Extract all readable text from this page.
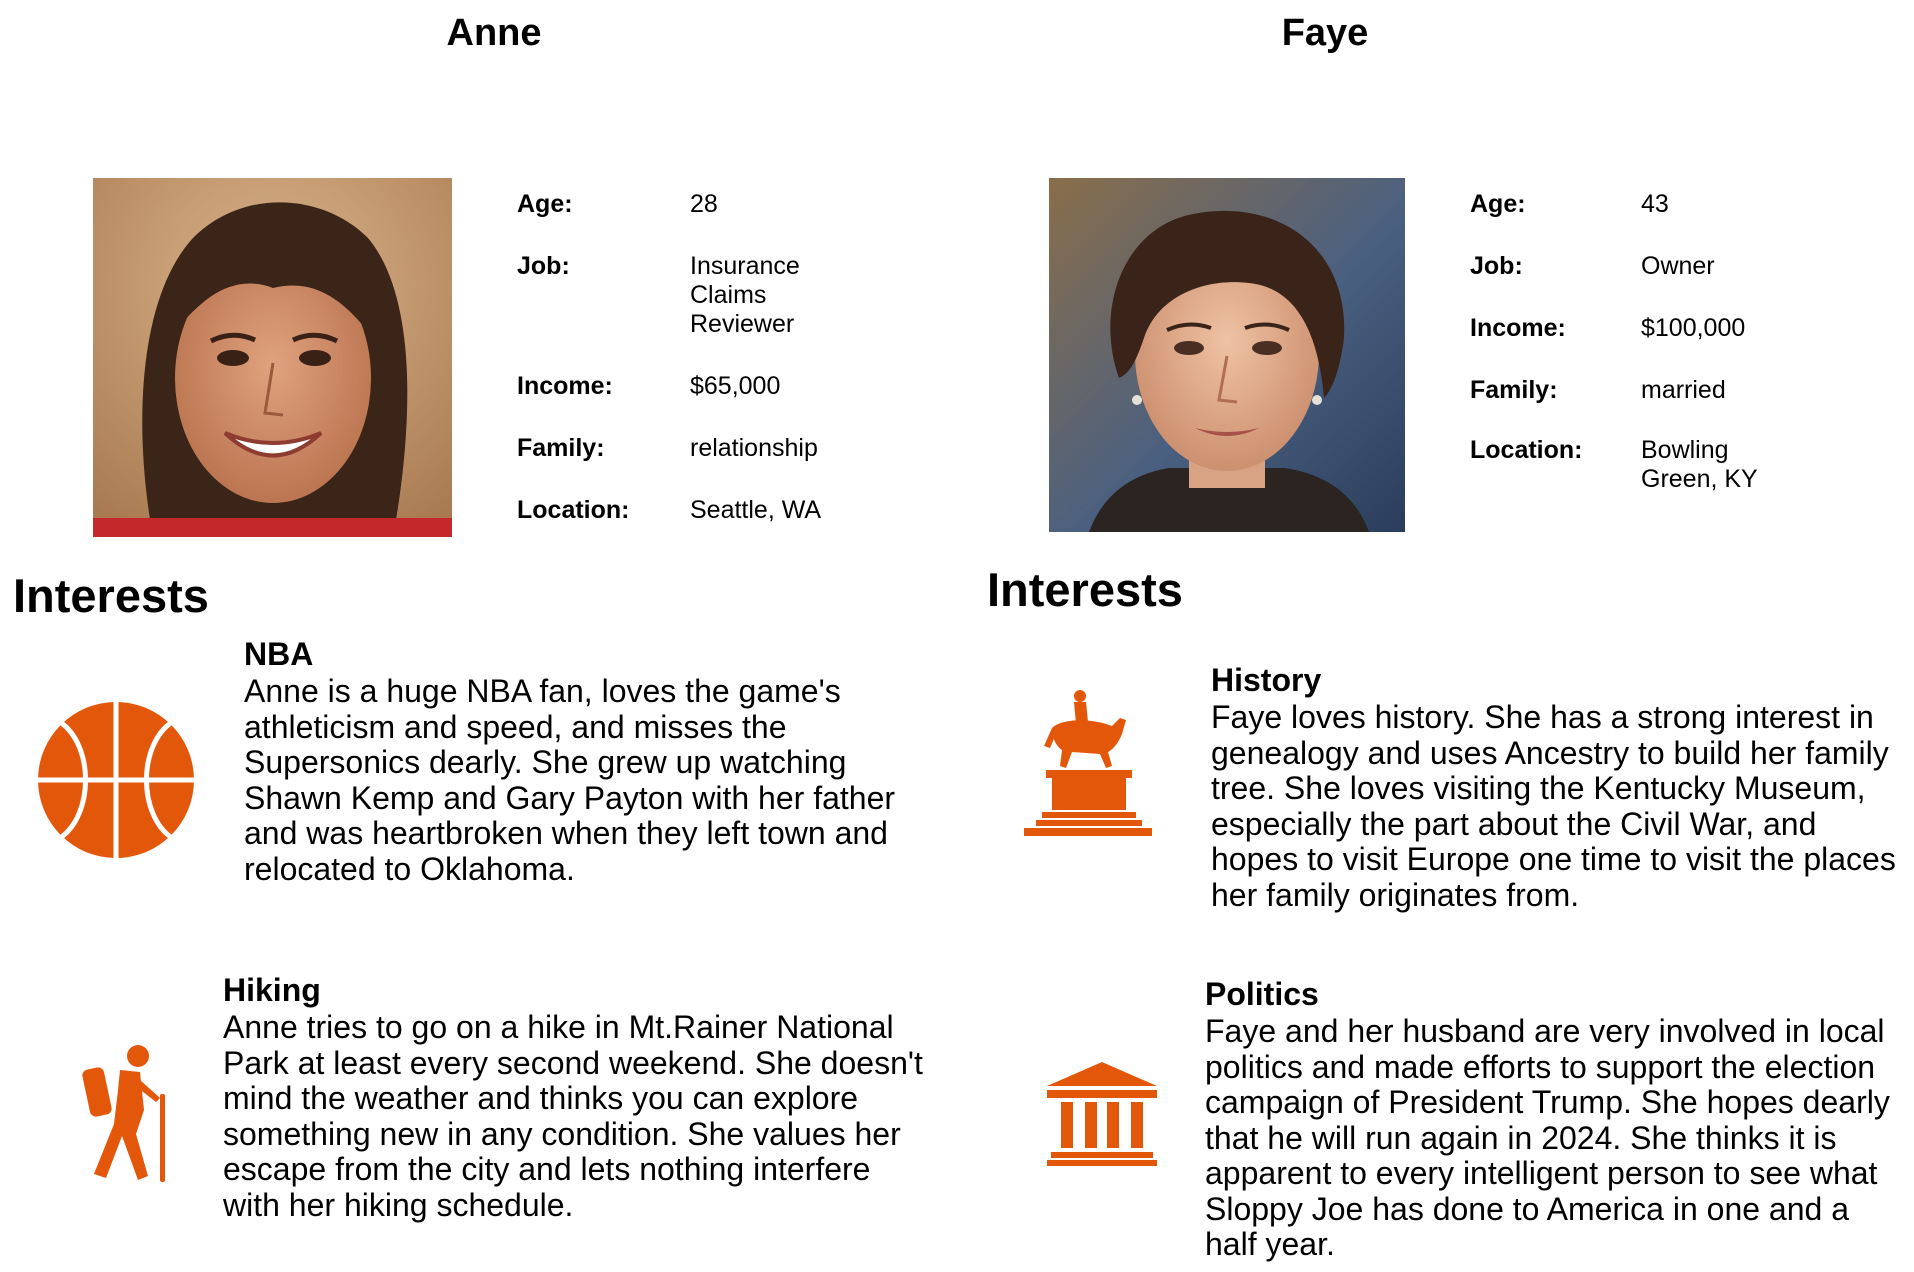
Anne
Age:	28
Job:	Insurance
Claims
Reviewer
Income:	$65,000
Family:	relationship
Location: Seattle, WA
Interests
NBA
Anne is a huge NBA fan, loves the game's athleticism and speed, and misses the Supersonics dearly. She grew up watching Shawn Kemp and Gary Payton with her father and was heartbroken when they left town and relocated to Oklahoma.
Hiking
Anne tries to go on a hike in Mt.Rainer National Park at least every second weekend. She doesn't mind the weather and thinks you can explore something new in any condition. She values her escape from the city and lets nothing interfere with her hiking schedule.
Faye
Age:	43
Job:	Owner
Income:	$100,000
Family:	married
Location: Bowling
Green, KY
Interests
History
Faye loves history. She has a strong interest in genealogy and uses Ancestry to build her family tree. She loves visiting the Kentucky Museum, especially the part about the Civil War, and hopes to visit Europe one time to visit the places her family originates from.
Politics
Faye and her husband are very involved in local politics and made efforts to support the election campaign of President Trump. She hopes dearly that he will run again in 2024. She thinks it is apparent to every intelligent person to see what Sloppy Joe has done to America in one and a half year.
